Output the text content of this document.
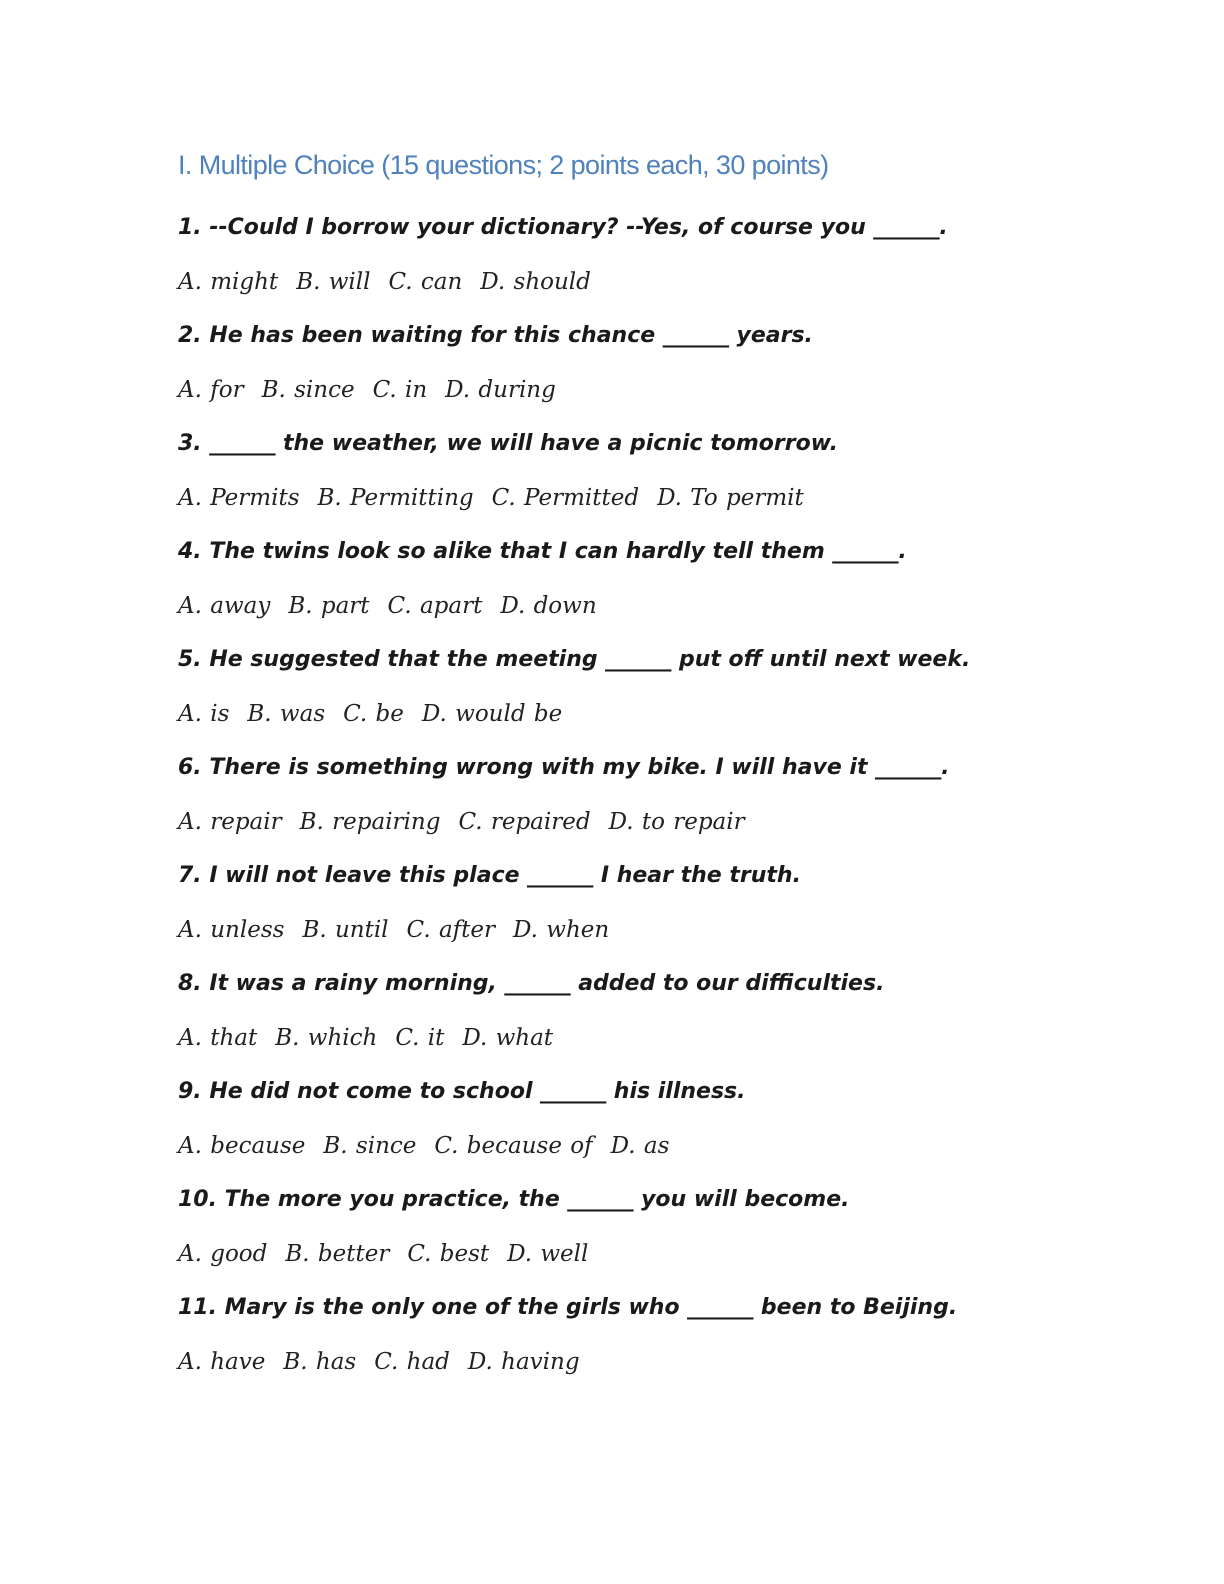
I. Multiple Choice (15 questions; 2 points each, 30 points)
1. --Could I borrow your dictionary? --Yes, of course you ______.
A. might B. will C. can D. should
2. He has been waiting for this chance ______ years.
A. for B. since C. in D. during
3. ______ the weather, we will have a picnic tomorrow.
A. Permits B. Permitting C. Permitted D. To permit
4. The twins look so alike that I can hardly tell them ______.
A. away B. part C. apart D. down
5. He suggested that the meeting ______ put off until next week.
A. is B. was C. be D. would be
6. There is something wrong with my bike. I will have it ______.
A. repair B. repairing C. repaired D. to repair
7. I will not leave this place ______ I hear the truth.
A. unless B. until C. after D. when
8. It was a rainy morning, ______ added to our difficulties.
A. that B. which C. it D. what
9. He did not come to school ______ his illness.
A. because B. since C. because of D. as
10. The more you practice, the ______ you will become.
A. good B. better C. best D. well
11. Mary is the only one of the girls who ______ been to Beijing.
A. have B. has C. had D. having
